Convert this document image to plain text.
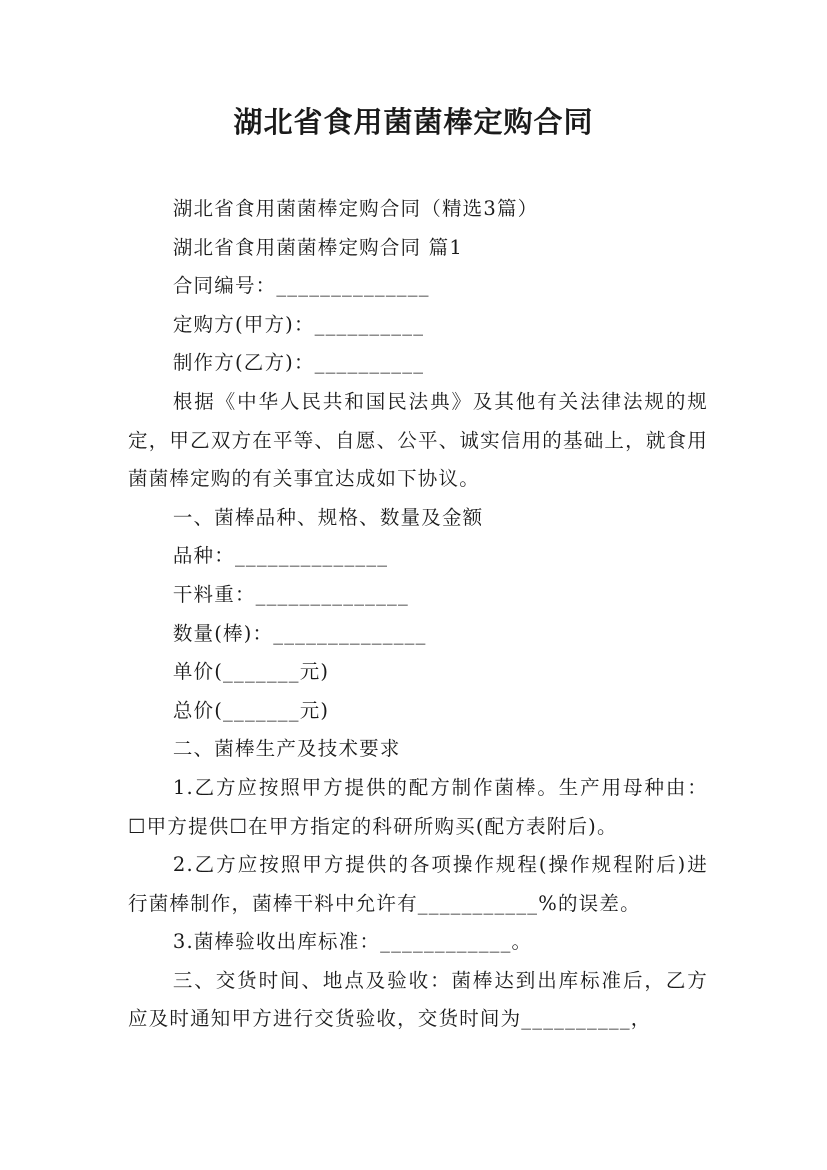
湖北省食用菌菌棒定购合同

湖北省食用菌菌棒定购合同（精选3篇）

湖北省食用菌菌棒定购合同 篇1

合同编号：______________

定购方(甲方)：__________

制作方(乙方)：__________

根据《中华人民共和国民法典》及其他有关法律法规的规定，甲乙双方在平等、自愿、公平、诚实信用的基础上，就食用菌菌棒定购的有关事宜达成如下协议。

一、菌棒品种、规格、数量及金额

品种：______________

干料重：______________

数量(棒)：______________

单价(_______元)

总价(_______元)

二、菌棒生产及技术要求

1.乙方应按照甲方提供的配方制作菌棒。生产用母种由：☐甲方提供☐在甲方指定的科研所购买(配方表附后)。

2.乙方应按照甲方提供的各项操作规程(操作规程附后)进行菌棒制作，菌棒干料中允许有___________%的误差。

3.菌棒验收出库标准：____________。

三、交货时间、地点及验收：菌棒达到出库标准后，乙方应及时通知甲方进行交货验收，交货时间为__________，
